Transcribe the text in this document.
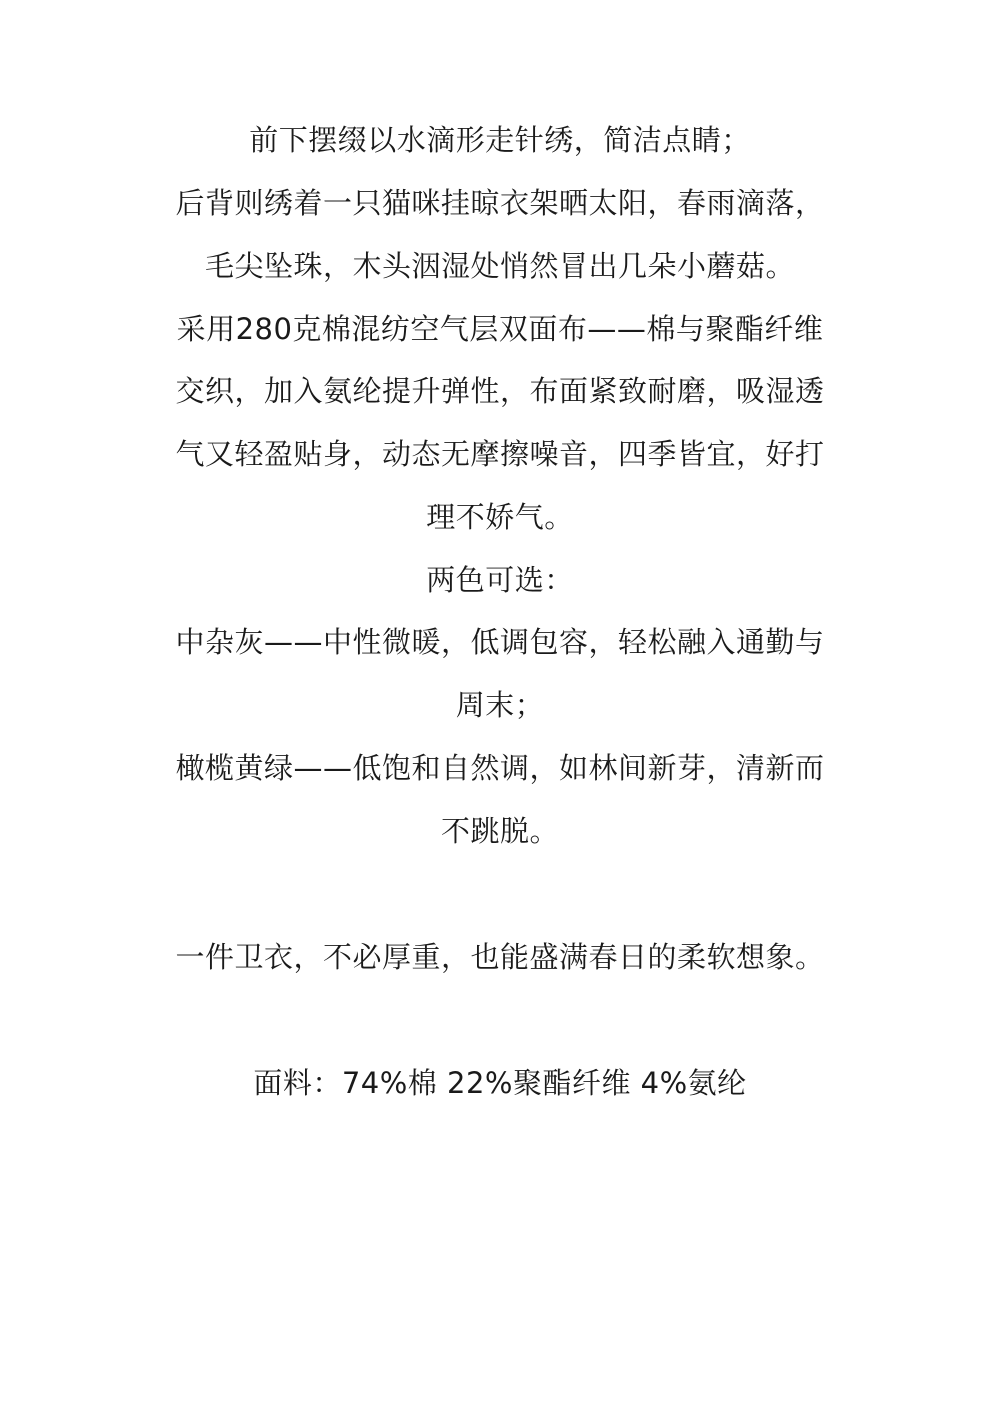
前下摆缀以水滴形走针绣，简洁点睛；
后背则绣着一只猫咪挂晾衣架晒太阳，春雨滴落，
毛尖坠珠，木头洇湿处悄然冒出几朵小蘑菇。
采用280克棉混纺空气层双面布——棉与聚酯纤维
交织，加入氨纶提升弹性，布面紧致耐磨，吸湿透
气又轻盈贴身，动态无摩擦噪音，四季皆宜，好打
理不娇气。
两色可选：
中杂灰——中性微暖，低调包容，轻松融入通勤与
周末；
橄榄黄绿——低饱和自然调，如林间新芽，清新而
不跳脱。
一件卫衣，不必厚重，也能盛满春日的柔软想象。
面料：74%棉 22%聚酯纤维 4%氨纶
